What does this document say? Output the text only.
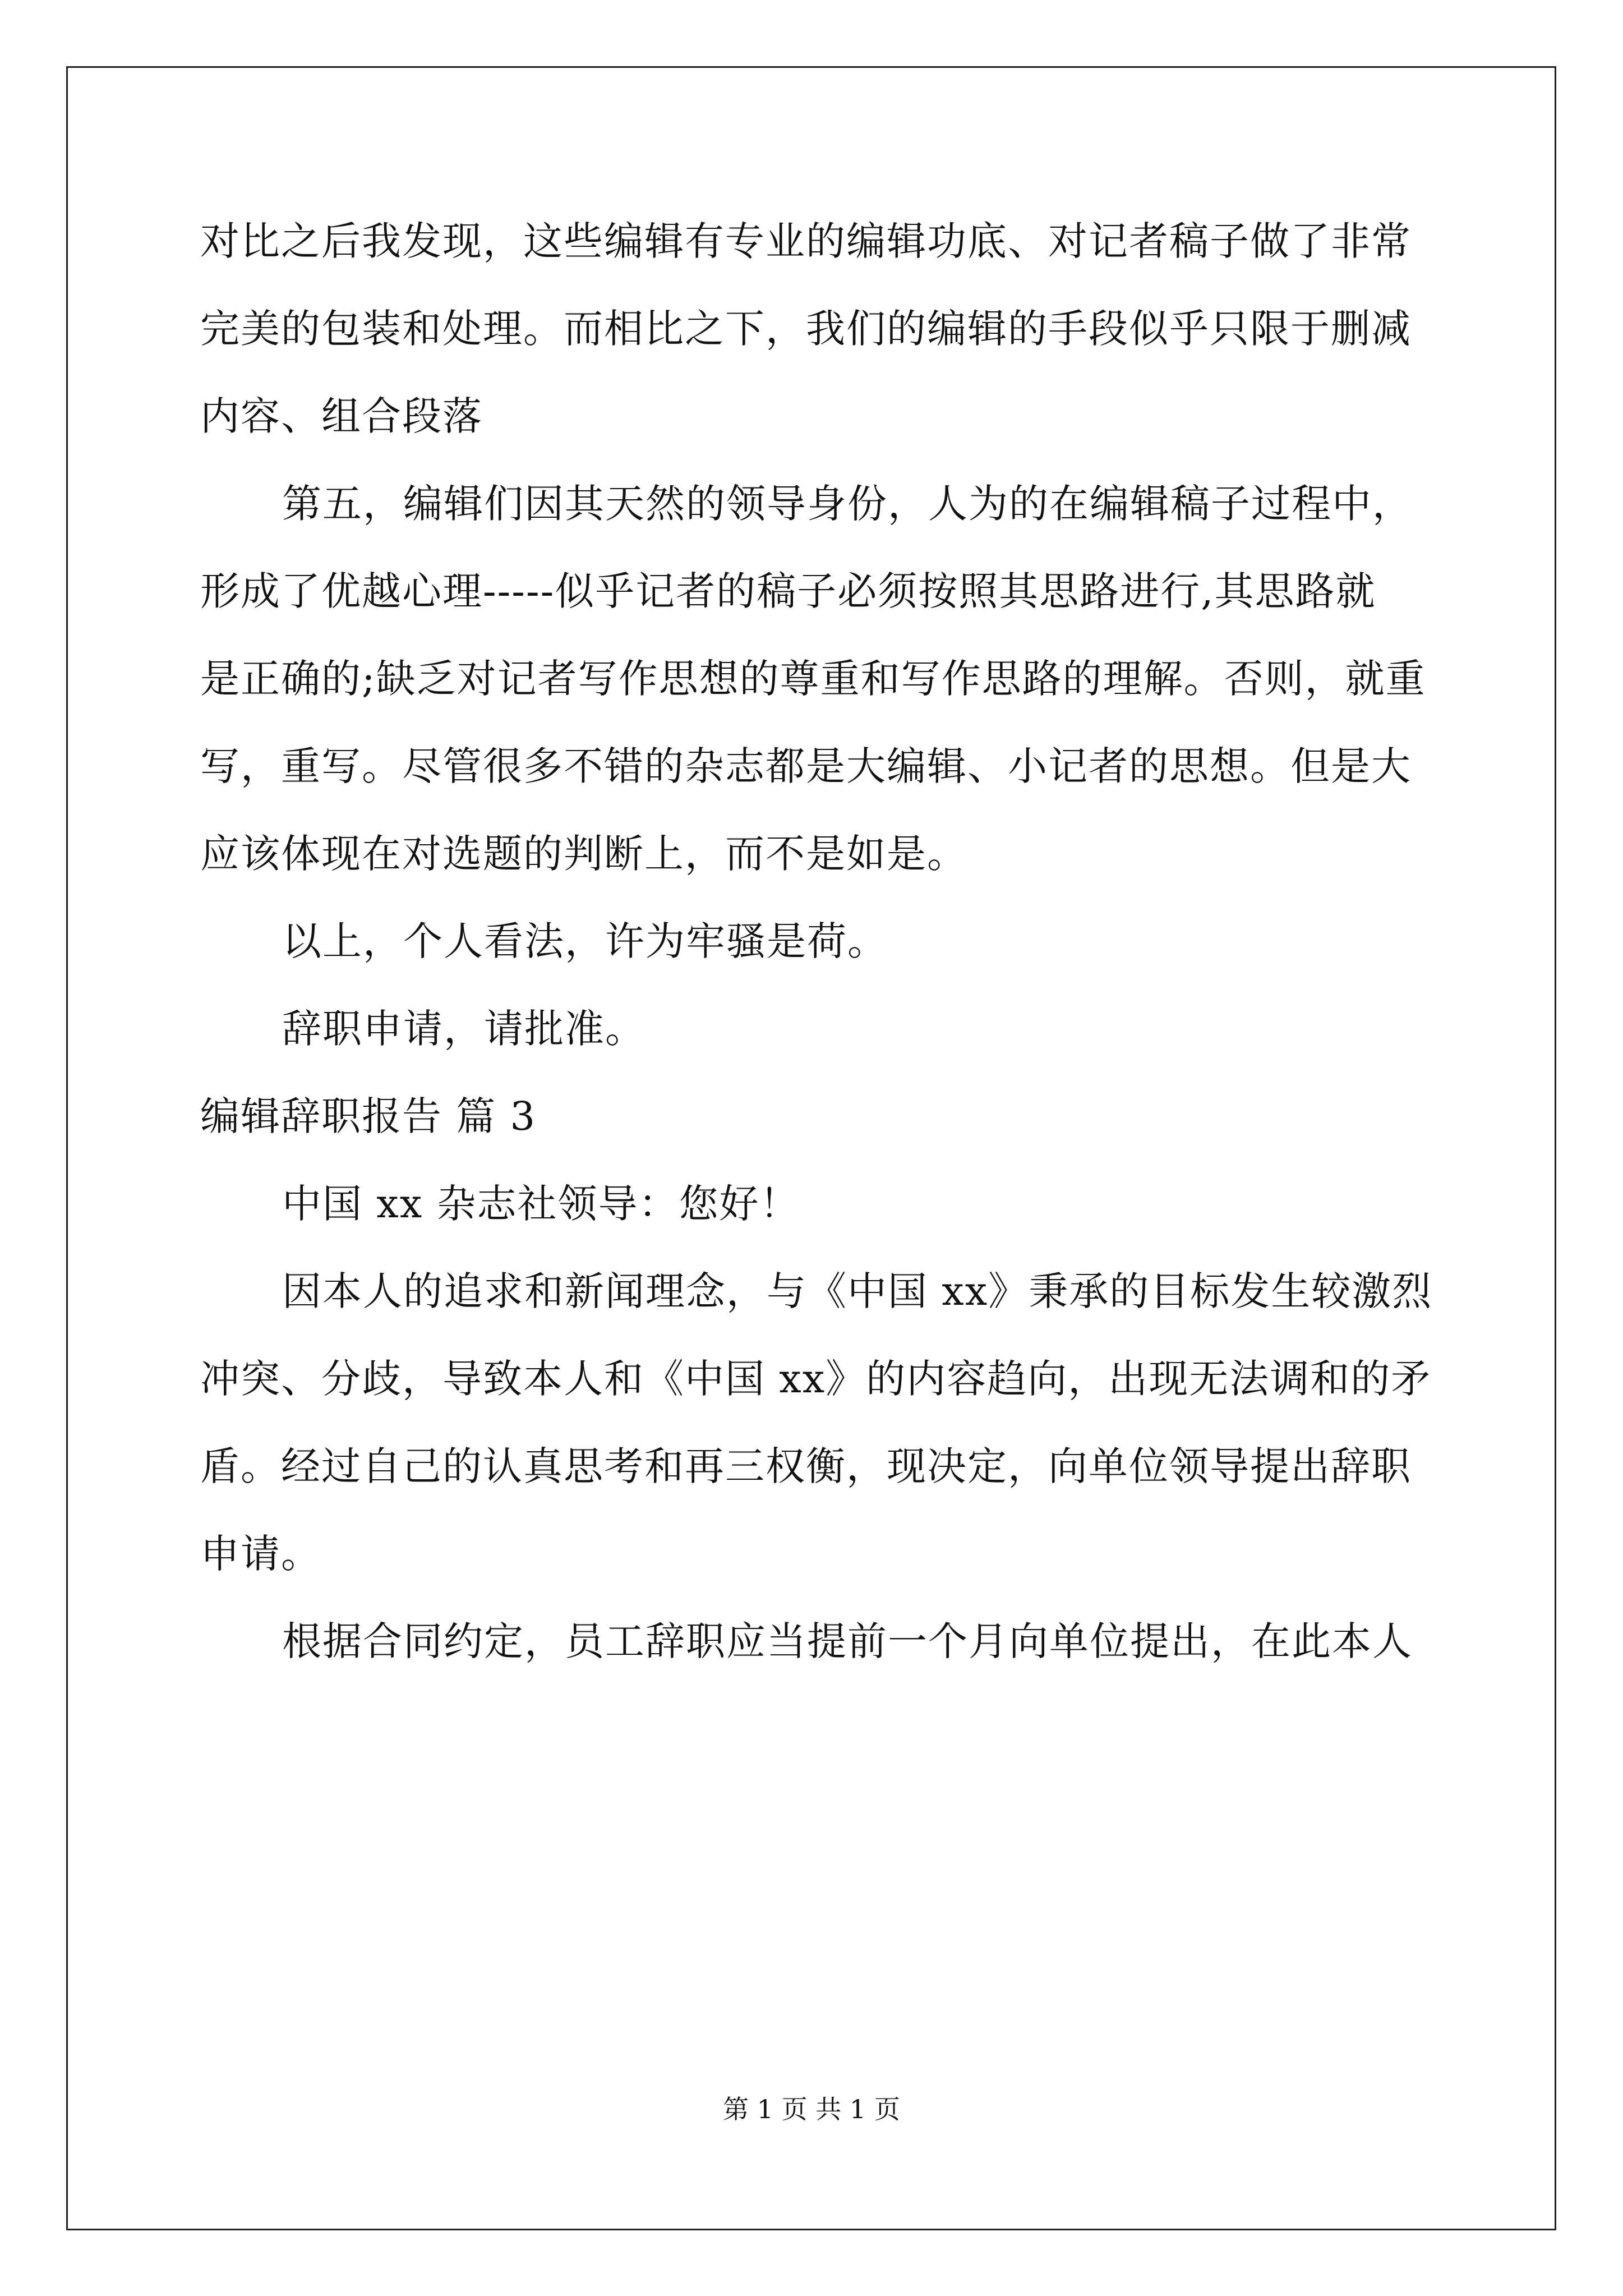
对比之后我发现，这些编辑有专业的编辑功底、对记者稿子做了非常
完美的包装和处理。而相比之下，我们的编辑的手段似乎只限于删减
内容、组合段落
第五，编辑们因其天然的领导身份，人为的在编辑稿子过程中，
形成了优越心理-----似乎记者的稿子必须按照其思路进行,其思路就
是正确的;缺乏对记者写作思想的尊重和写作思路的理解。否则，就重
写，重写。尽管很多不错的杂志都是大编辑、小记者的思想。但是大
应该体现在对选题的判断上，而不是如是。
以上，个人看法，许为牢骚是荷。
辞职申请，请批准。
编辑辞职报告 篇 3
中国 xx 杂志社领导：您好！
因本人的追求和新闻理念，与《中国 xx》秉承的目标发生较激烈
冲突、分歧，导致本人和《中国 xx》的内容趋向，出现无法调和的矛
盾。经过自己的认真思考和再三权衡，现决定，向单位领导提出辞职
申请。
根据合同约定，员工辞职应当提前一个月向单位提出，在此本人
第 1 页 共 1 页
